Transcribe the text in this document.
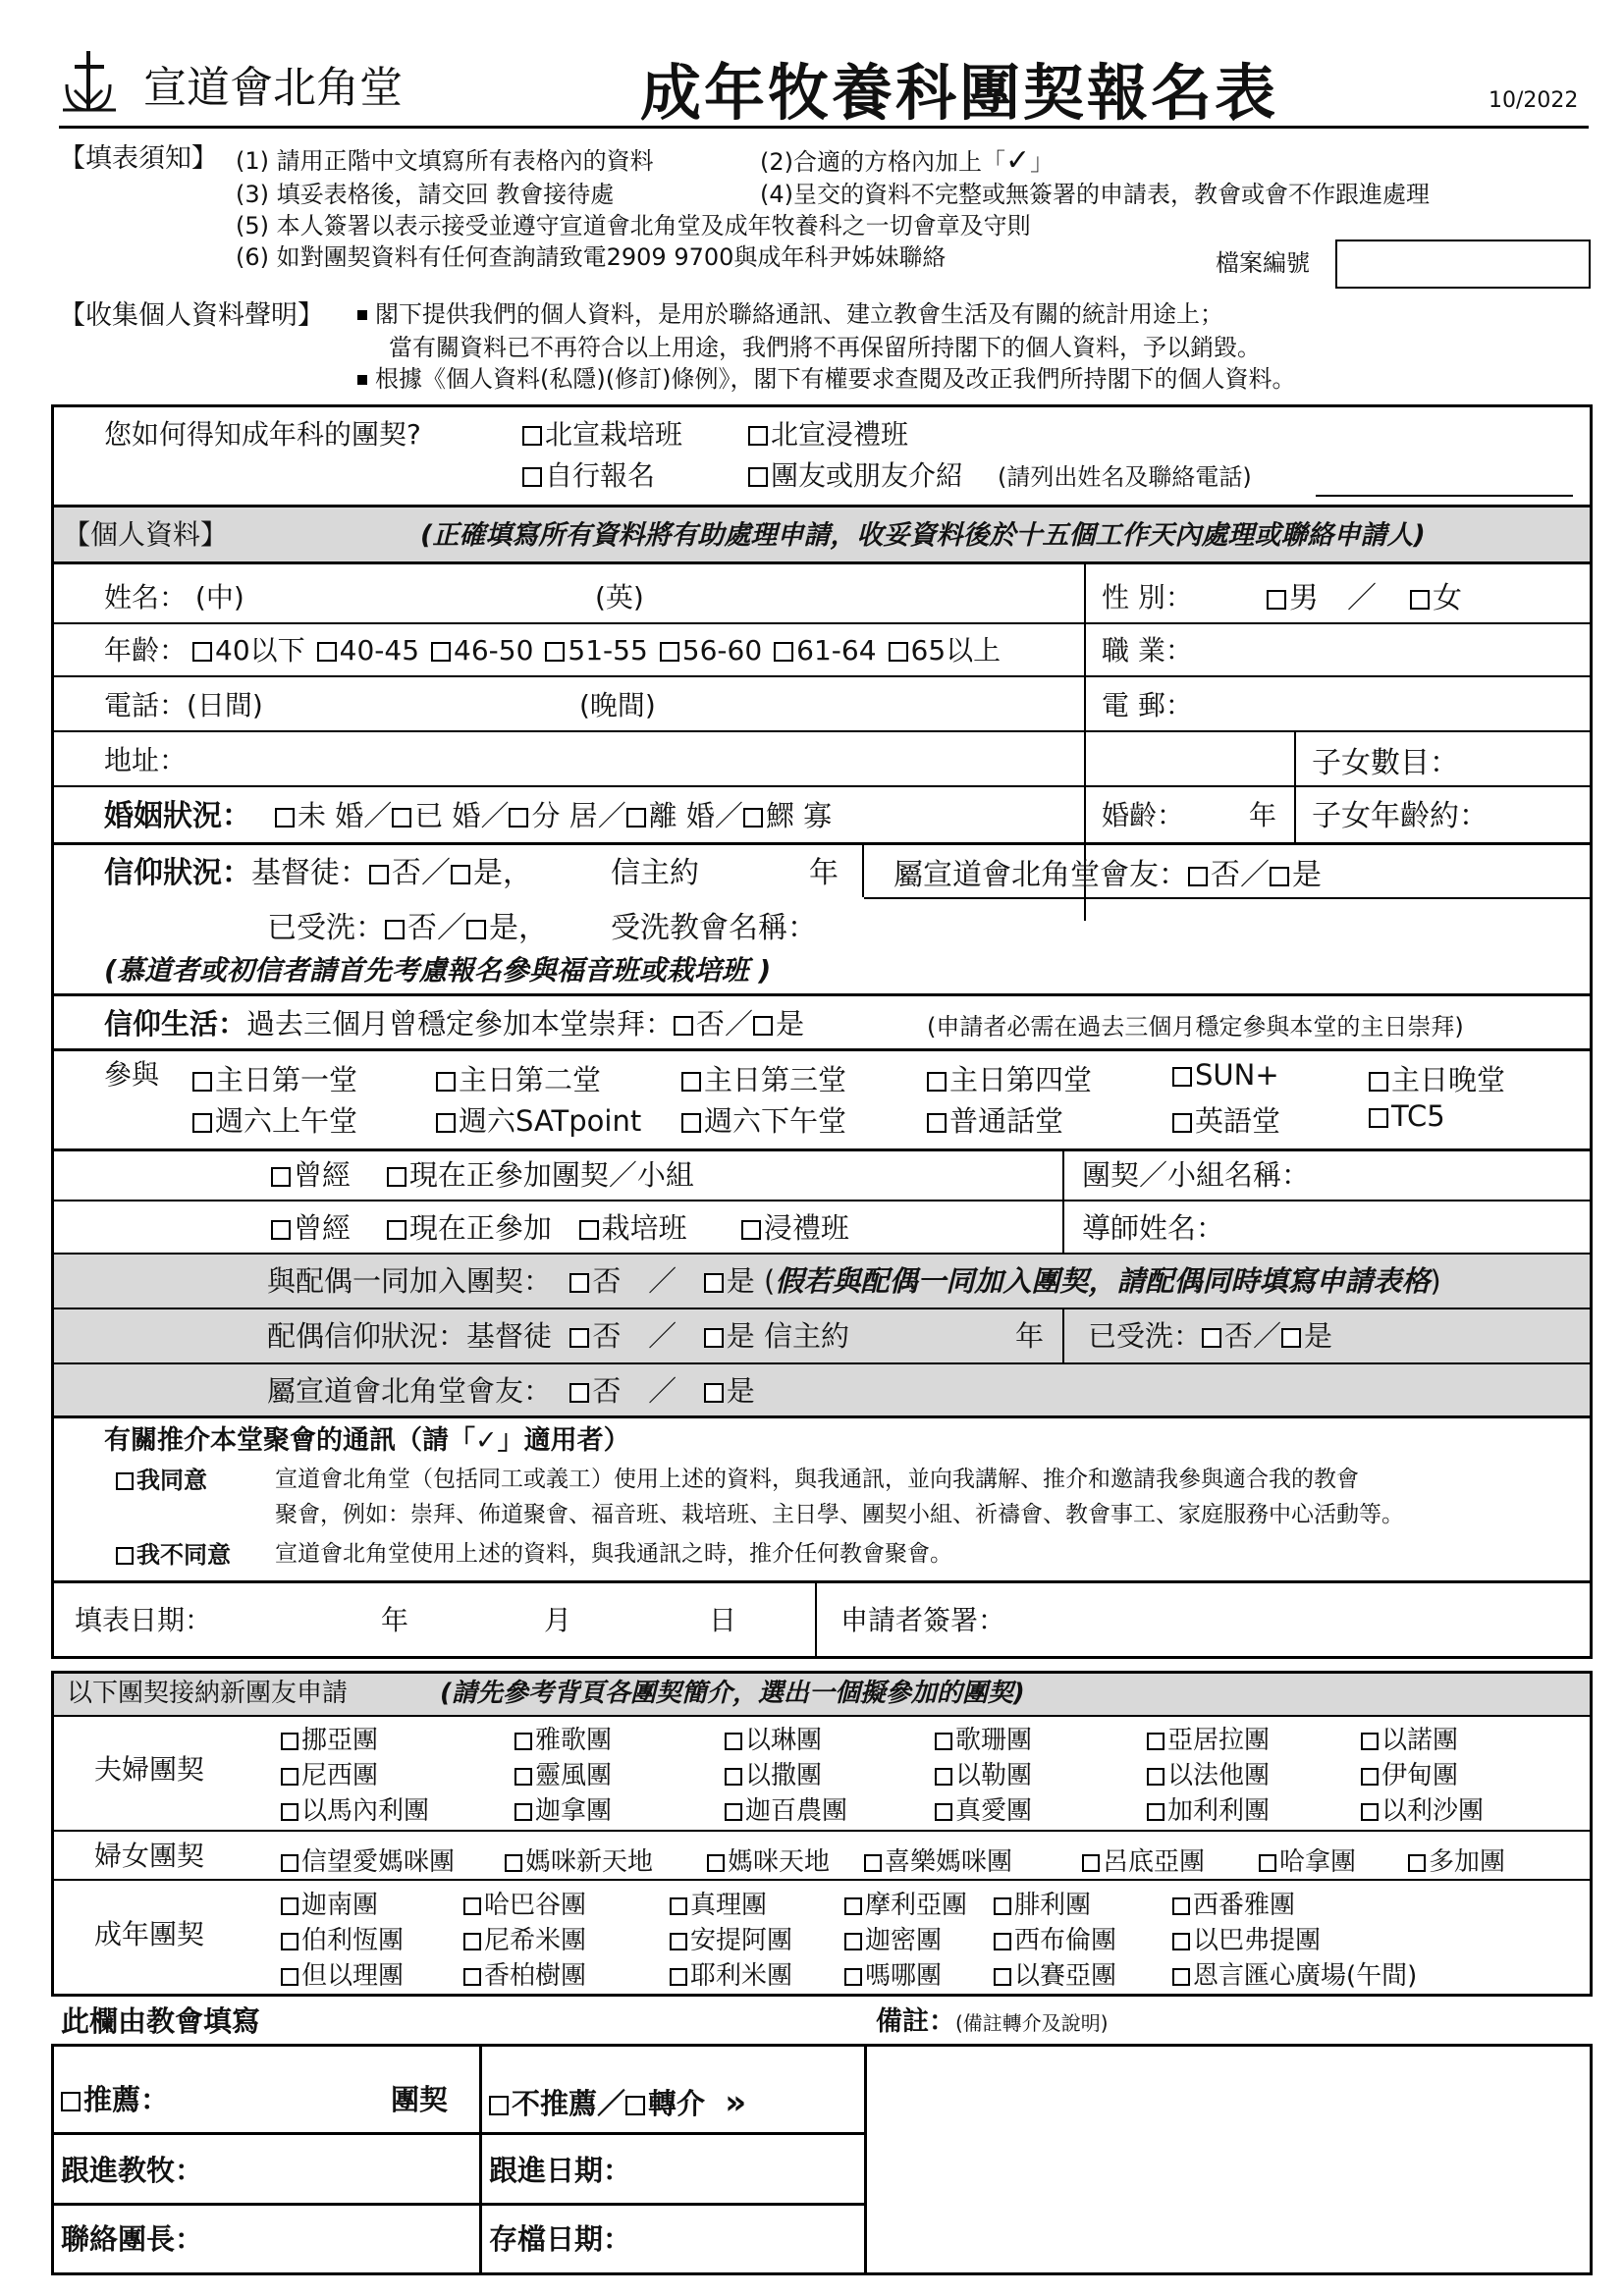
宣道會北角堂	成年牧養科團契報名表	10/2022
【填表須知】 (1) 請用正階中文填寫所有表格內的資料	(2)合適的方格內加上「✓」
(3) 填妥表格後，請交回 教會接待處	(4)呈交的資料不完整或無簽署的申請表，教會或會不作跟進處理
(5) 本人簽署以表示接受並遵守宣道會北角堂及成年牧養科之一切會章及守則
(6) 如對團契資料有任何查詢請致電2909 9700與成年科尹姊妹聯絡	檔案編號
【收集個人資料聲明】	閣下提供我們的個人資料，是用於聯絡通訊、建立教會生活及有關的統計用途上；
當有關資料已不再符合以上用途，我們將不再保留所持閣下的個人資料，予以銷毀。
根據《個人資料(私隱)(修訂)條例》，閣下有權要求查閱及改正我們所持閣下的個人資料。
您如何得知成年科的團契?	北宣栽培班	北宣浸禮班
自行報名	團友或朋友介紹 (請列出姓名及聯絡電話)
【個人資料】	(正確填寫所有資料將有助處理申請，收妥資料後於十五個工作天內處理或聯絡申請人)
姓名： (中)	(英)	性 別：	男 ／	女
年齡：	40以下 40-45 46-50 51-55 56-60 61-64 65以上	職 業：
電話：(日間)	(晚間)	電 郵：
地址：	子女數目：
婚姻狀況：	未 婚／ 已 婚／ 分 居／ 離 婚／ 鰥 寡	婚齡： 年 子女年齡約：
信仰狀況：基督徒： 否／ 是，	信主約	年 屬宣道會北角堂會友： 否／ 是
已受洗： 否／ 是， 受洗教會名稱：
(慕道者或初信者請首先考慮報名參與福音班或栽培班 )
信仰生活：過去三個月曾穩定參加本堂崇拜： 否／ 是	(申請者必需在過去三個月穩定參與本堂的主日崇拜)
參與	主日第一堂	主日第二堂	主日第三堂	主日第四堂	SUN+	主日晚堂
週六上午堂	週六SATpoint	週六下午堂	普通話堂	英語堂	TC5
曾經 現在正參加團契／小組	團契／小組名稱：
曾經 現在正參加 栽培班	浸禮班	導師姓名：
與配偶一同加入團契： 否 ／ 是 (假若與配偶一同加入團契，請配偶同時填寫申請表格)
配偶信仰狀況：基督徒 否 ／ 是 信主約	年 已受洗： 否／ 是
屬宣道會北角堂會友： 否 ／ 是
有關推介本堂聚會的通訊（請「✓」適用者）
我同意	宣道會北角堂（包括同工或義工）使用上述的資料，與我通訊，並向我講解、推介和邀請我參與適合我的教會
聚會，例如：崇拜、佈道聚會、福音班、栽培班、主日學、團契小組、祈禱會、教會事工、家庭服務中心活動等。
我不同意 宣道會北角堂使用上述的資料，與我通訊之時，推介任何教會聚會。
填表日期：	年	月	日	申請者簽署：
以下團契接納新團友申請	(請先參考背頁各團契簡介，選出一個擬參加的團契)
夫婦團契
挪亞團	雅歌團	以琳團	歌珊團	亞居拉團	以諾團
尼西團	靈風團	以撒團	以勒團	以法他團	伊甸團
以馬內利團	迦拿團	迦百農團	真愛團	加利利團	以利沙團
婦女團契	信望愛媽咪團	媽咪新天地	媽咪天地	喜樂媽咪團	呂底亞團	哈拿團	多加團
成年團契
迦南團	哈巴谷團	真理團	摩利亞團	腓利團	西番雅團
伯利恆團	尼希米團	安提阿團	迦密團	西布倫團	以巴弗提團
但以理團	香柏樹團	耶利米團	嗎哪團	以賽亞團	恩言匯心廣場(午間)
此欄由教會填寫	備註：(備註轉介及說明)
推薦：	團契	不推薦／ 轉介 »
跟進教牧：	跟進日期：
聯絡團長：	存檔日期：
